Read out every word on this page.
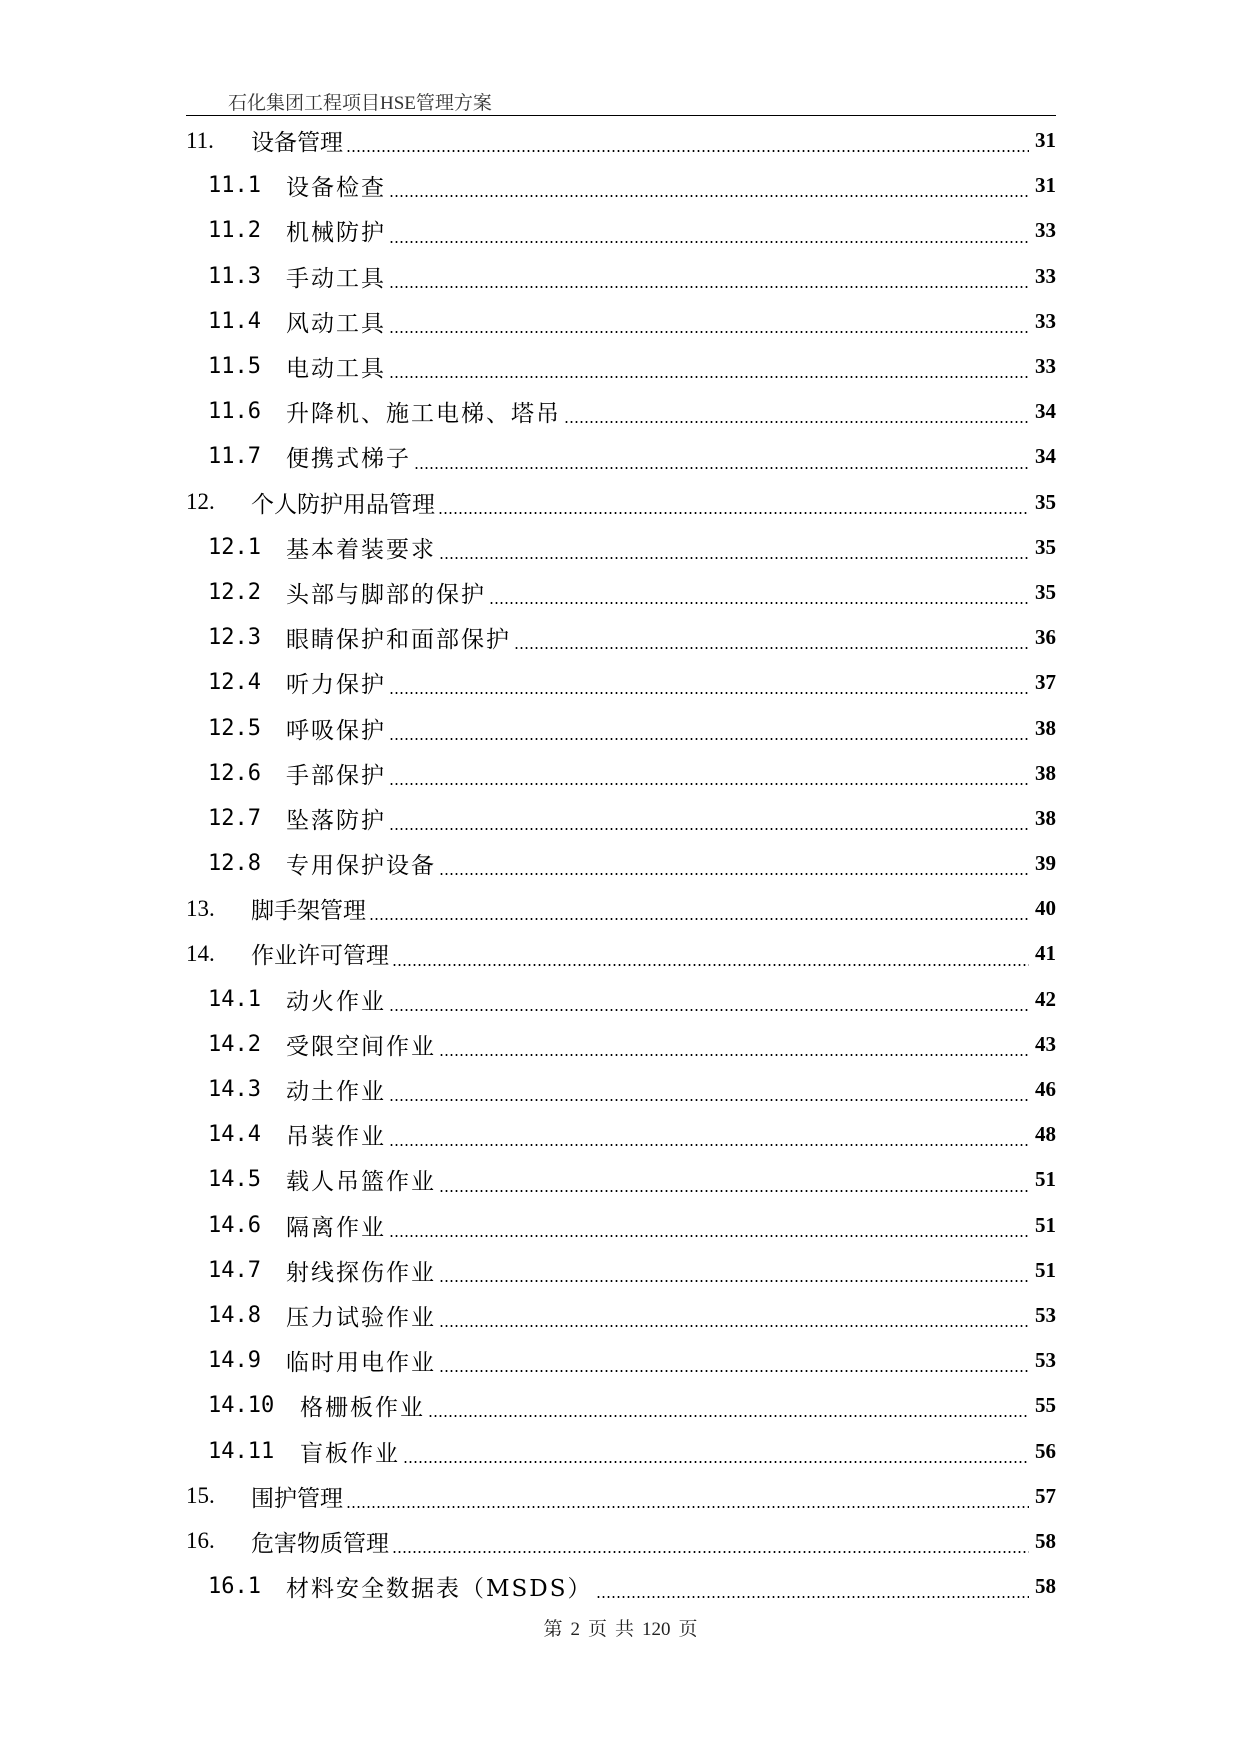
石化集团工程项目HSE管理方案
11.	设备管理	31
11.1	设备检查	31
11.2	机械防护	33
11.3	手动工具	33
11.4	风动工具	33
11.5	电动工具	33
11.6	升降机、施工电梯、塔吊	34
11.7	便携式梯子	34
12.	个人防护用品管理	35
12.1	基本着装要求	35
12.2	头部与脚部的保护	35
12.3	眼睛保护和面部保护	36
12.4	听力保护	37
12.5	呼吸保护	38
12.6	手部保护	38
12.7	坠落防护	38
12.8	专用保护设备	39
13.	脚手架管理	40
14.	作业许可管理	41
14.1	动火作业	42
14.2	受限空间作业	43
14.3	动土作业	46
14.4	吊装作业	48
14.5	载人吊篮作业	51
14.6	隔离作业	51
14.7	射线探伤作业	51
14.8	压力试验作业	53
14.9	临时用电作业	53
14.10	格栅板作业	55
14.11	盲板作业	56
15.	围护管理	57
16.	危害物质管理	58
16.1	材料安全数据表（MSDS）	58
第 2 页 共 120 页
